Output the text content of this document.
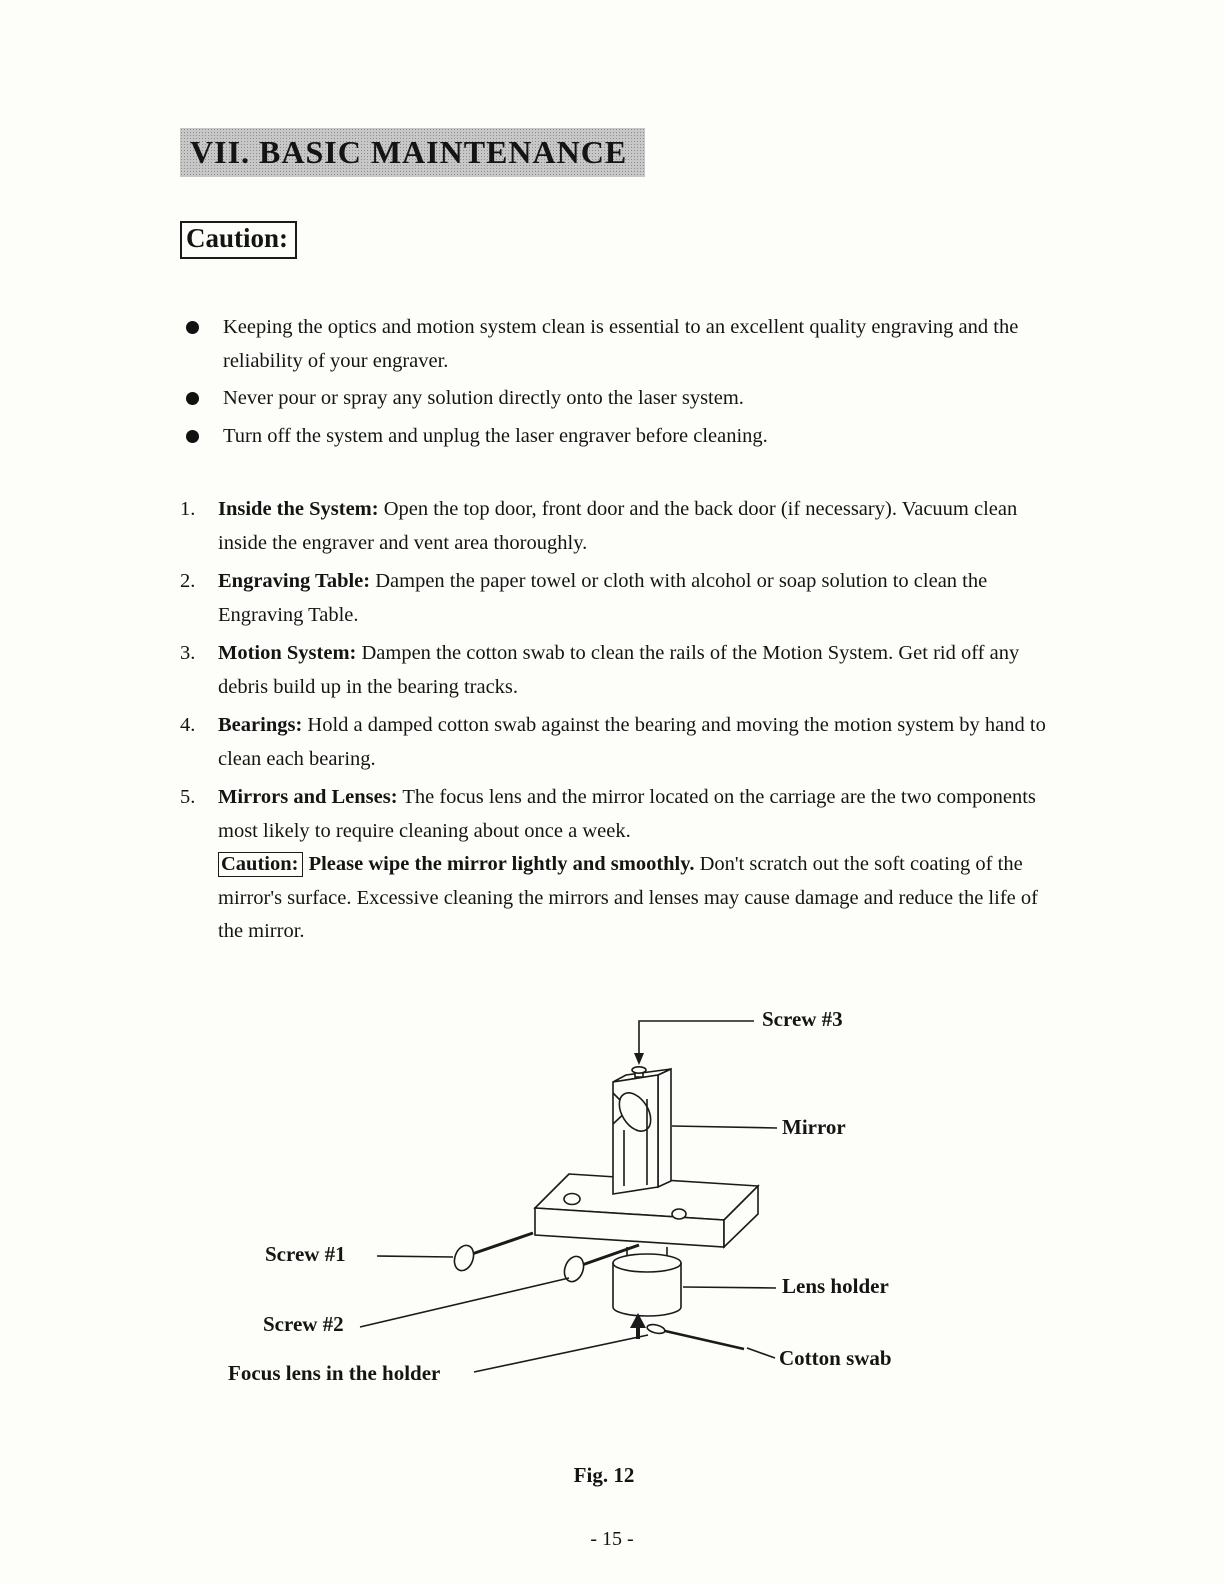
VII. BASIC MAINTENANCE
Caution:
Keeping the optics and motion system clean is essential to an excellent quality engraving and the reliability of your engraver.
Never pour or spray any solution directly onto the laser system.
Turn off the system and unplug the laser engraver before cleaning.
1.	Inside the System: Open the top door, front door and the back door (if necessary). Vacuum clean inside the engraver and vent area thoroughly.
2.	Engraving Table: Dampen the paper towel or cloth with alcohol or soap solution to clean the Engraving Table.
3.	Motion System: Dampen the cotton swab to clean the rails of the Motion System. Get rid off any debris build up in the bearing tracks.
4.	Bearings: Hold a damped cotton swab against the bearing and moving the motion system by hand to clean each bearing.
5.	Mirrors and Lenses: The focus lens and the mirror located on the carriage are the two components most likely to require cleaning about once a week.
Caution: Please wipe the mirror lightly and smoothly. Don't scratch out the soft coating of the mirror's surface. Excessive cleaning the mirrors and lenses may cause damage and reduce the life of the mirror.
Screw #3
Mirror
Screw #1
Lens holder
Screw #2
Cotton swab
Focus lens in the holder
Fig. 12
- 15 -
